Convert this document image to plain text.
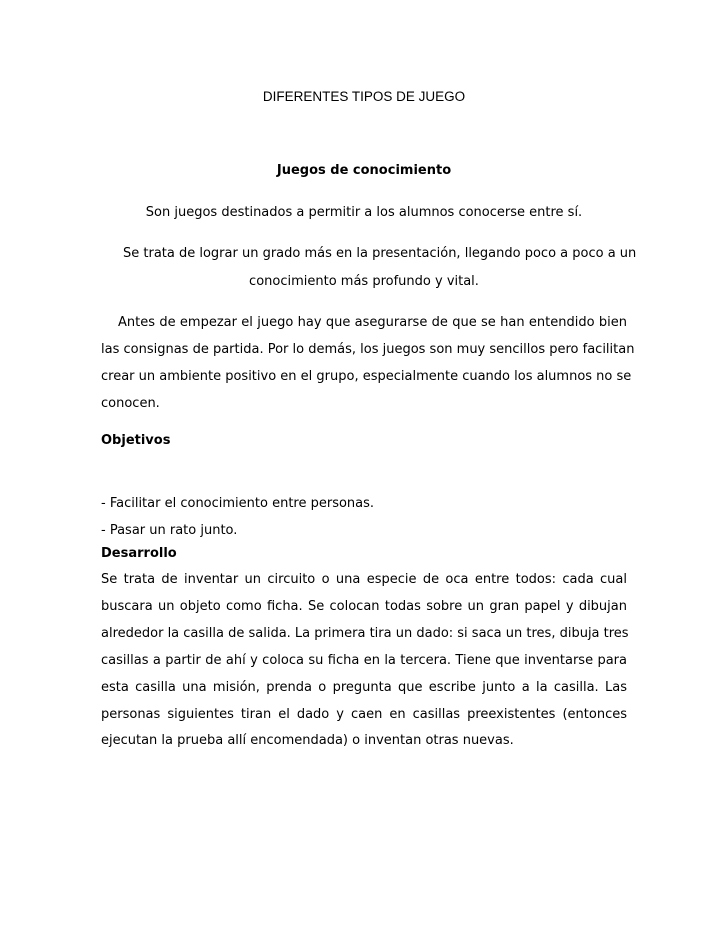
DIFERENTES TIPOS DE JUEGO
Juegos de conocimiento
Son juegos destinados a permitir a los alumnos conocerse entre sí.
Se trata de lograr un grado más en la presentación, llegando poco a poco a un
conocimiento más profundo y vital.
Antes de empezar el juego hay que asegurarse de que se han entendido bien
las consignas de partida. Por lo demás, los juegos son muy sencillos pero facilitan
crear un ambiente positivo en el grupo, especialmente cuando los alumnos no se
conocen.
Objetivos
- Facilitar el conocimiento entre personas.
- Pasar un rato junto.
Desarrollo
Se trata de inventar un circuito o una especie de oca entre todos: cada cual
buscara un objeto como ficha. Se colocan todas sobre un gran papel y dibujan
alrededor la casilla de salida. La primera tira un dado: si saca un tres, dibuja tres
casillas a partir de ahí y coloca su ficha en la tercera. Tiene que inventarse para
esta casilla una misión, prenda o pregunta que escribe junto a la casilla. Las
personas siguientes tiran el dado y caen en casillas preexistentes (entonces
ejecutan la prueba allí encomendada) o inventan otras nuevas.
